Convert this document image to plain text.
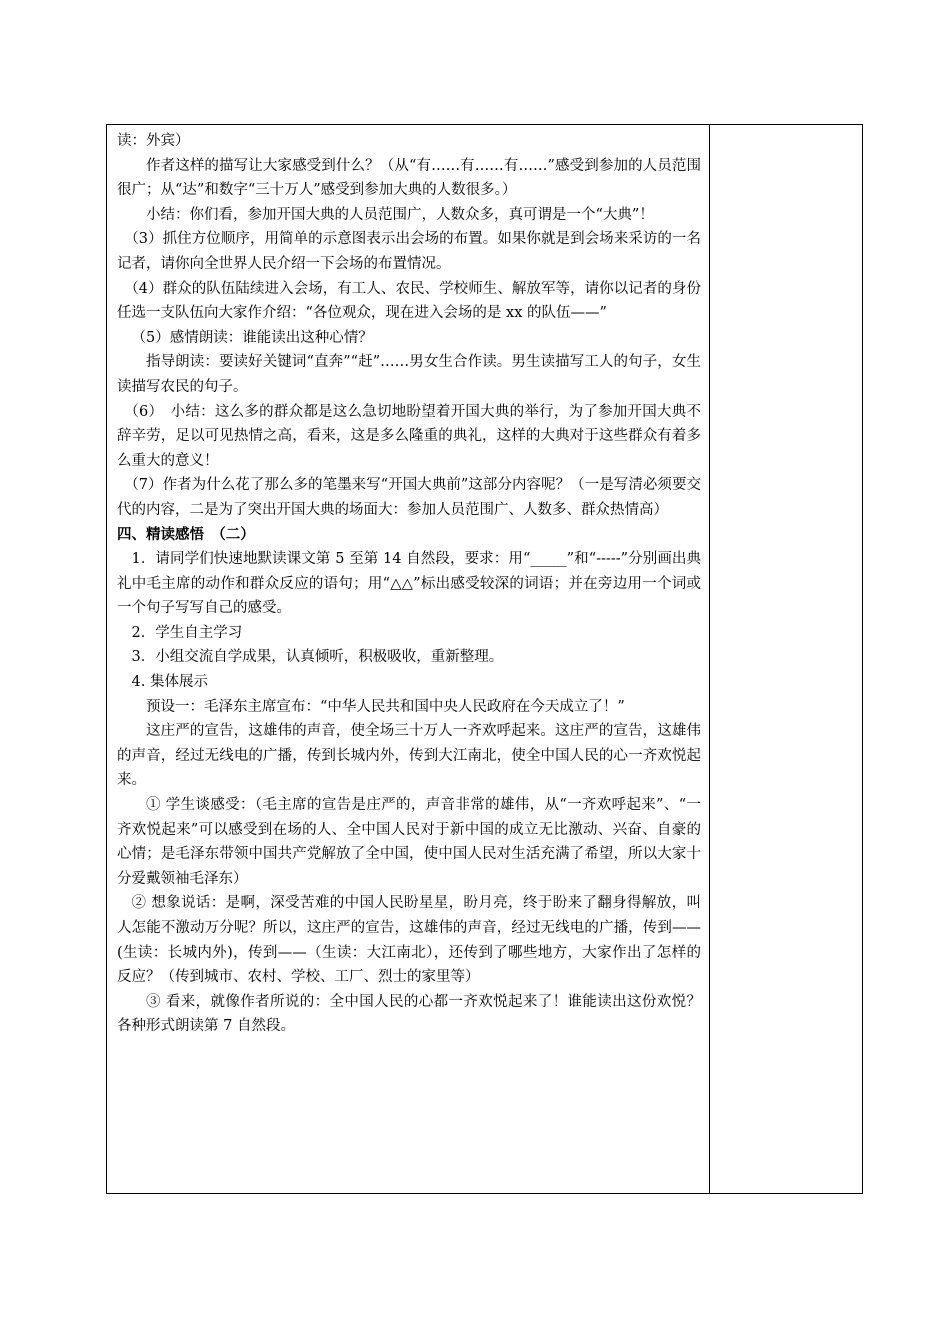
读：外宾）

作者这样的描写让大家感受到什么？（从“有……有……有……”感受到参加的人员范围很广；从“达”和数字“三十万人”感受到参加大典的人数很多。）

小结：你们看，参加开国大典的人员范围广，人数众多，真可谓是一个“大典”！

（3）抓住方位顺序，用简单的示意图表示出会场的布置。如果你就是到会场来采访的一名记者，请你向全世界人民介绍一下会场的布置情况。

（4）群众的队伍陆续进入会场，有工人、农民、学校师生、解放军等，请你以记者的身份任选一支队伍向大家作介绍：“各位观众，现在进入会场的是 xx 的队伍——”

（5）感情朗读：谁能读出这种心情？

指导朗读：要读好关键词“直奔”“赶”……男女生合作读。男生读描写工人的句子，女生读描写农民的句子。

（6）　小结：这么多的群众都是这么急切地盼望着开国大典的举行，为了参加开国大典不辞辛劳，足以可见热情之高，看来，这是多么隆重的典礼，这样的大典对于这些群众有着多么重大的意义！

（7）作者为什么花了那么多的笔墨来写“开国大典前”这部分内容呢？（一是写清必须要交代的内容，二是为了突出开国大典的场面大：参加人员范围广、人数多、群众热情高）

四、精读感悟　（二）

1．请同学们快速地默读课文第 5 至第 14 自然段，要求：用“_____”和“-----”分别画出典礼中毛主席的动作和群众反应的语句；用“△△”标出感受较深的词语；并在旁边用一个词或一个句子写写自己的感受。

2．学生自主学习

3．小组交流自学成果，认真倾听，积极吸收，重新整理。

4. 集体展示

预设一：毛泽东主席宣布：“中华人民共和国中央人民政府在今天成立了！”

这庄严的宣告，这雄伟的声音，使全场三十万人一齐欢呼起来。这庄严的宣告，这雄伟的声音，经过无线电的广播，传到长城内外，传到大江南北，使全中国人民的心一齐欢悦起来。

① 学生谈感受：（毛主席的宣告是庄严的，声音非常的雄伟，从“一齐欢呼起来”、“一齐欢悦起来”可以感受到在场的人、全中国人民对于新中国的成立无比激动、兴奋、自豪的心情；是毛泽东带领中国共产党解放了全中国，使中国人民对生活充满了希望，所以大家十分爱戴领袖毛泽东）

② 想象说话：是啊，深受苦难的中国人民盼星星，盼月亮，终于盼来了翻身得解放，叫人怎能不激动万分呢？所以，这庄严的宣告，这雄伟的声音，经过无线电的广播，传到——(生读：长城内外)，传到——（生读：大江南北），还传到了哪些地方，大家作出了怎样的反应？（传到城市、农村、学校、工厂、烈士的家里等）

③ 看来，就像作者所说的：全中国人民的心都一齐欢悦起来了！谁能读出这份欢悦？各种形式朗读第 7 自然段。
